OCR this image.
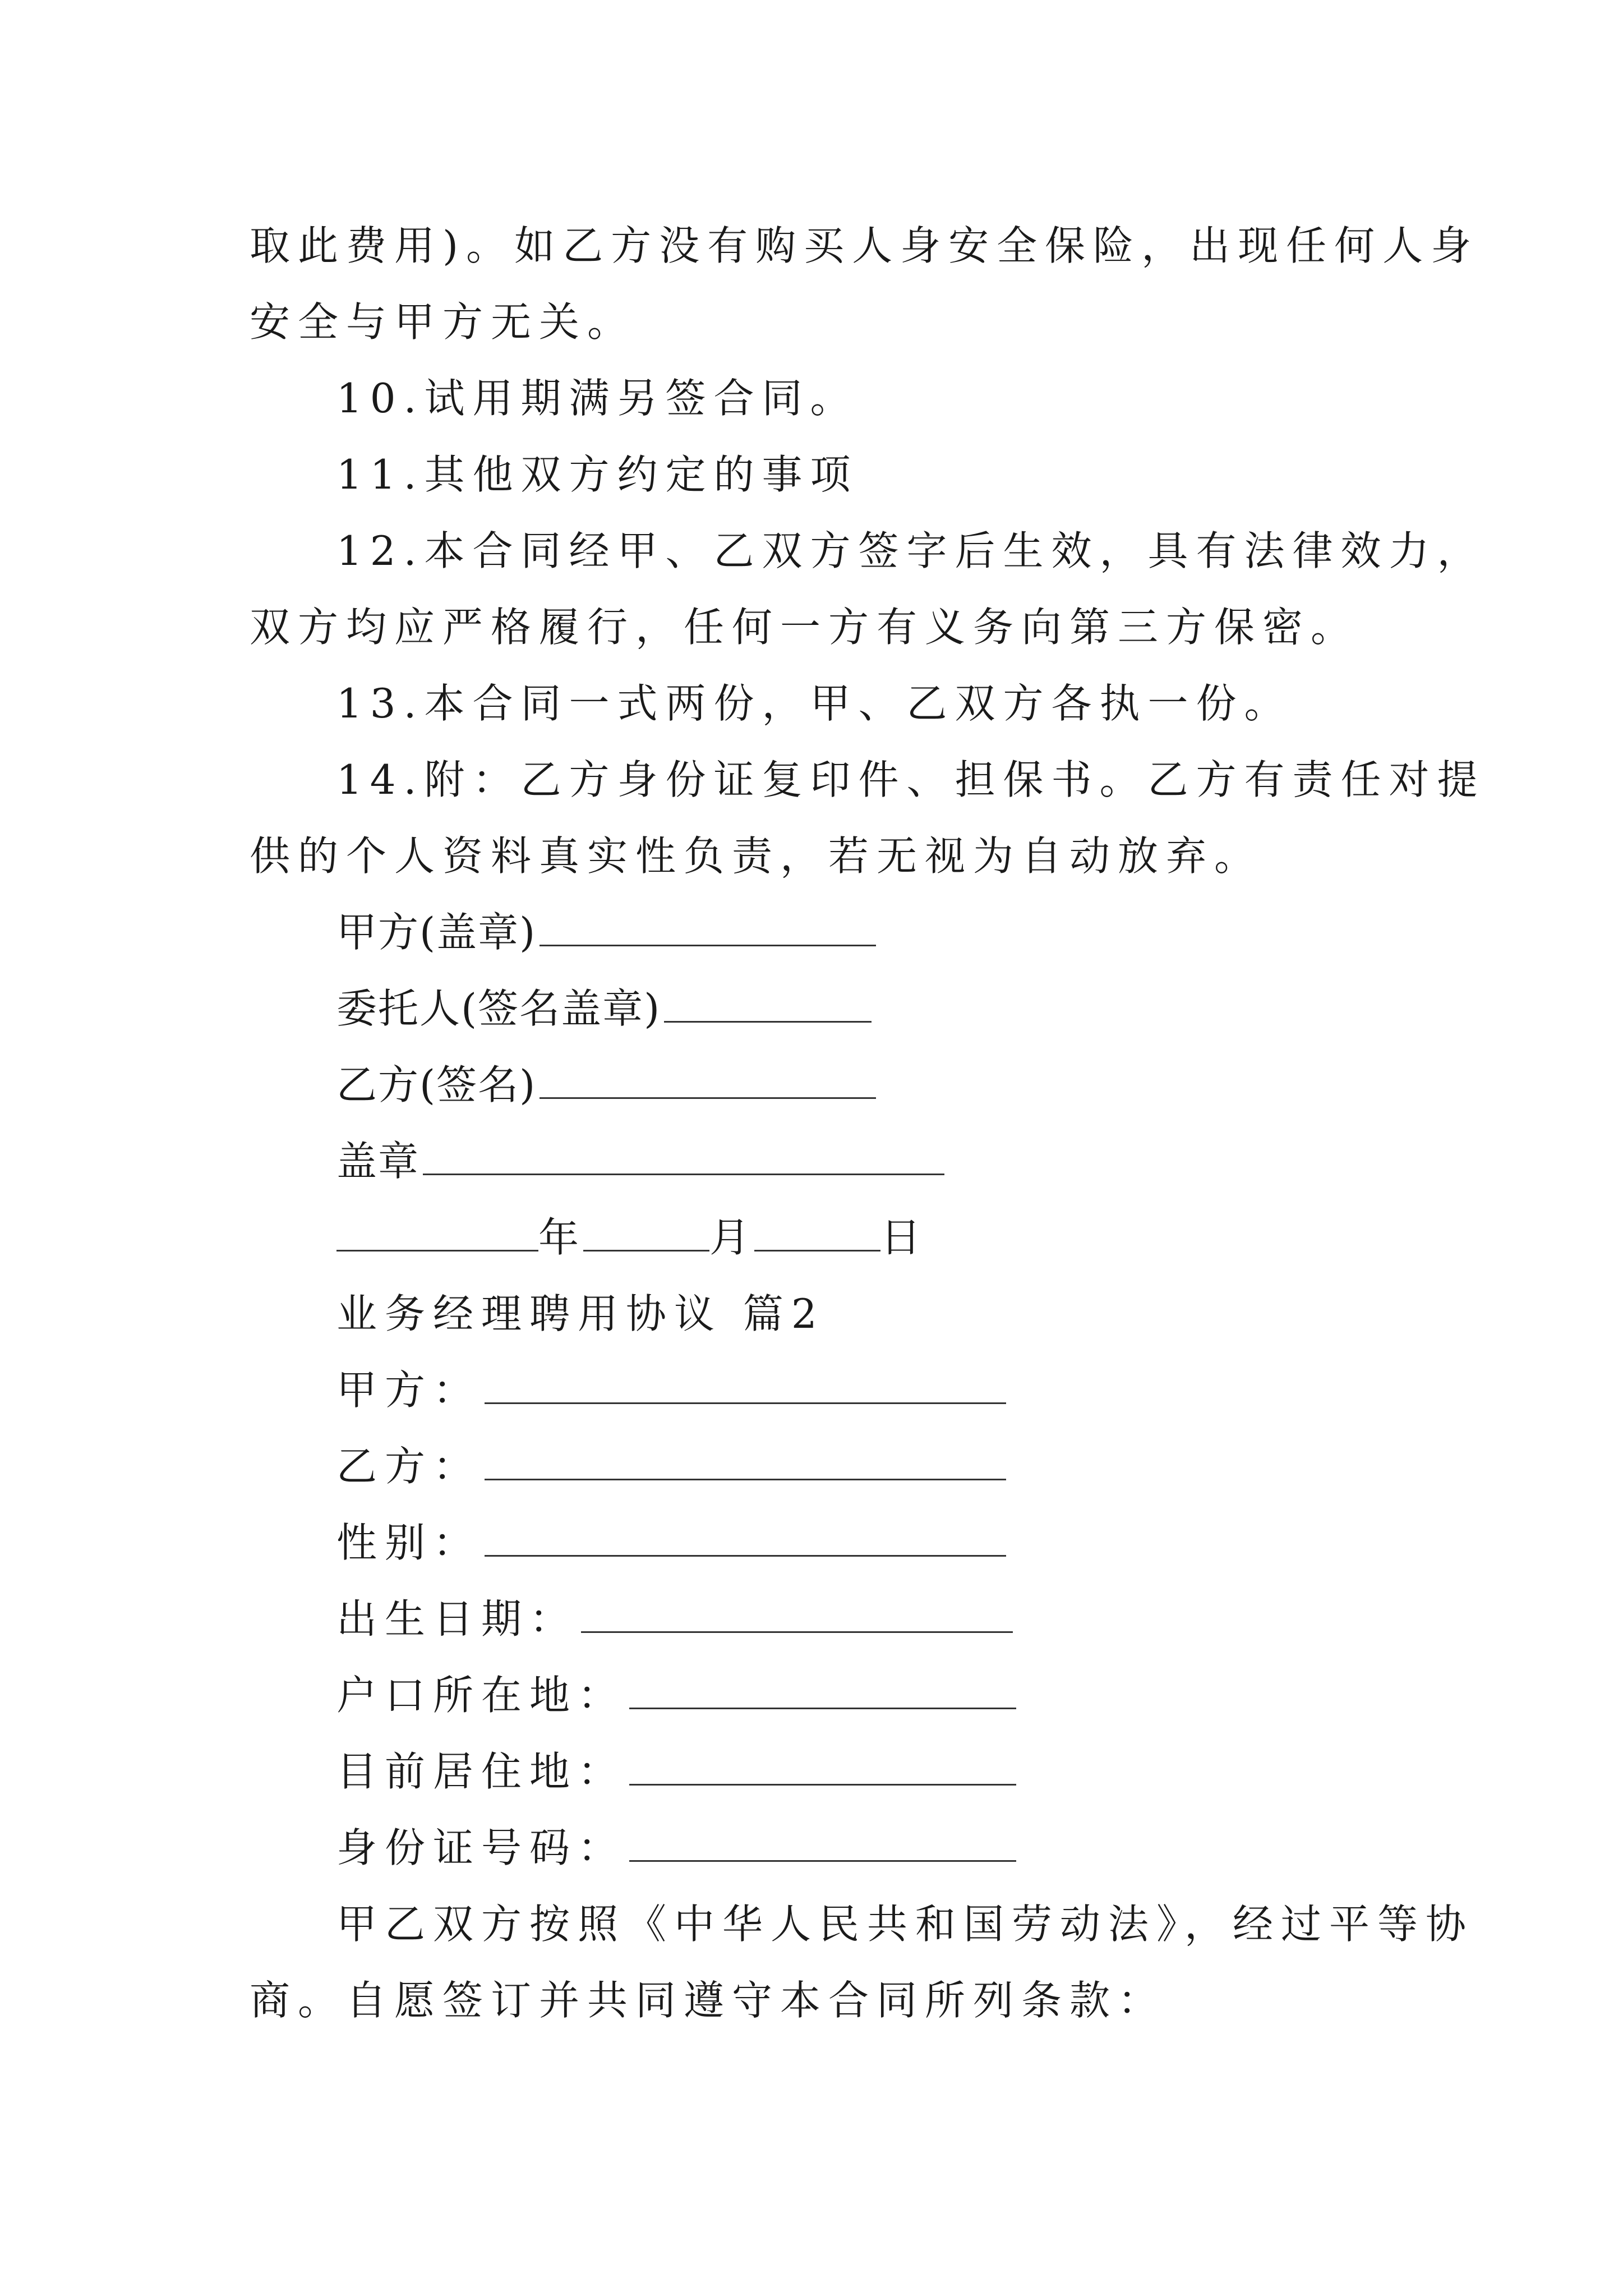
取此费用)。如乙方没有购买人身安全保险，出现任何人身
安全与甲方无关。
10.试用期满另签合同。
11.其他双方约定的事项
12.本合同经甲、乙双方签字后生效，具有法律效力，
双方均应严格履行，任何一方有义务向第三方保密。
13.本合同一式两份，甲、乙双方各执一份。
14.附：乙方身份证复印件、担保书。乙方有责任对提
供的个人资料真实性负责，若无视为自动放弃。
甲方(盖章)
委托人(签名盖章)
乙方(签名)
盖章
年	月	日
业务经理聘用协议 篇2
甲方：
乙方：
性别：
出生日期：
户口所在地：
目前居住地：
身份证号码：
甲乙双方按照《中华人民共和国劳动法》，经过平等协
商。自愿签订并共同遵守本合同所列条款：
